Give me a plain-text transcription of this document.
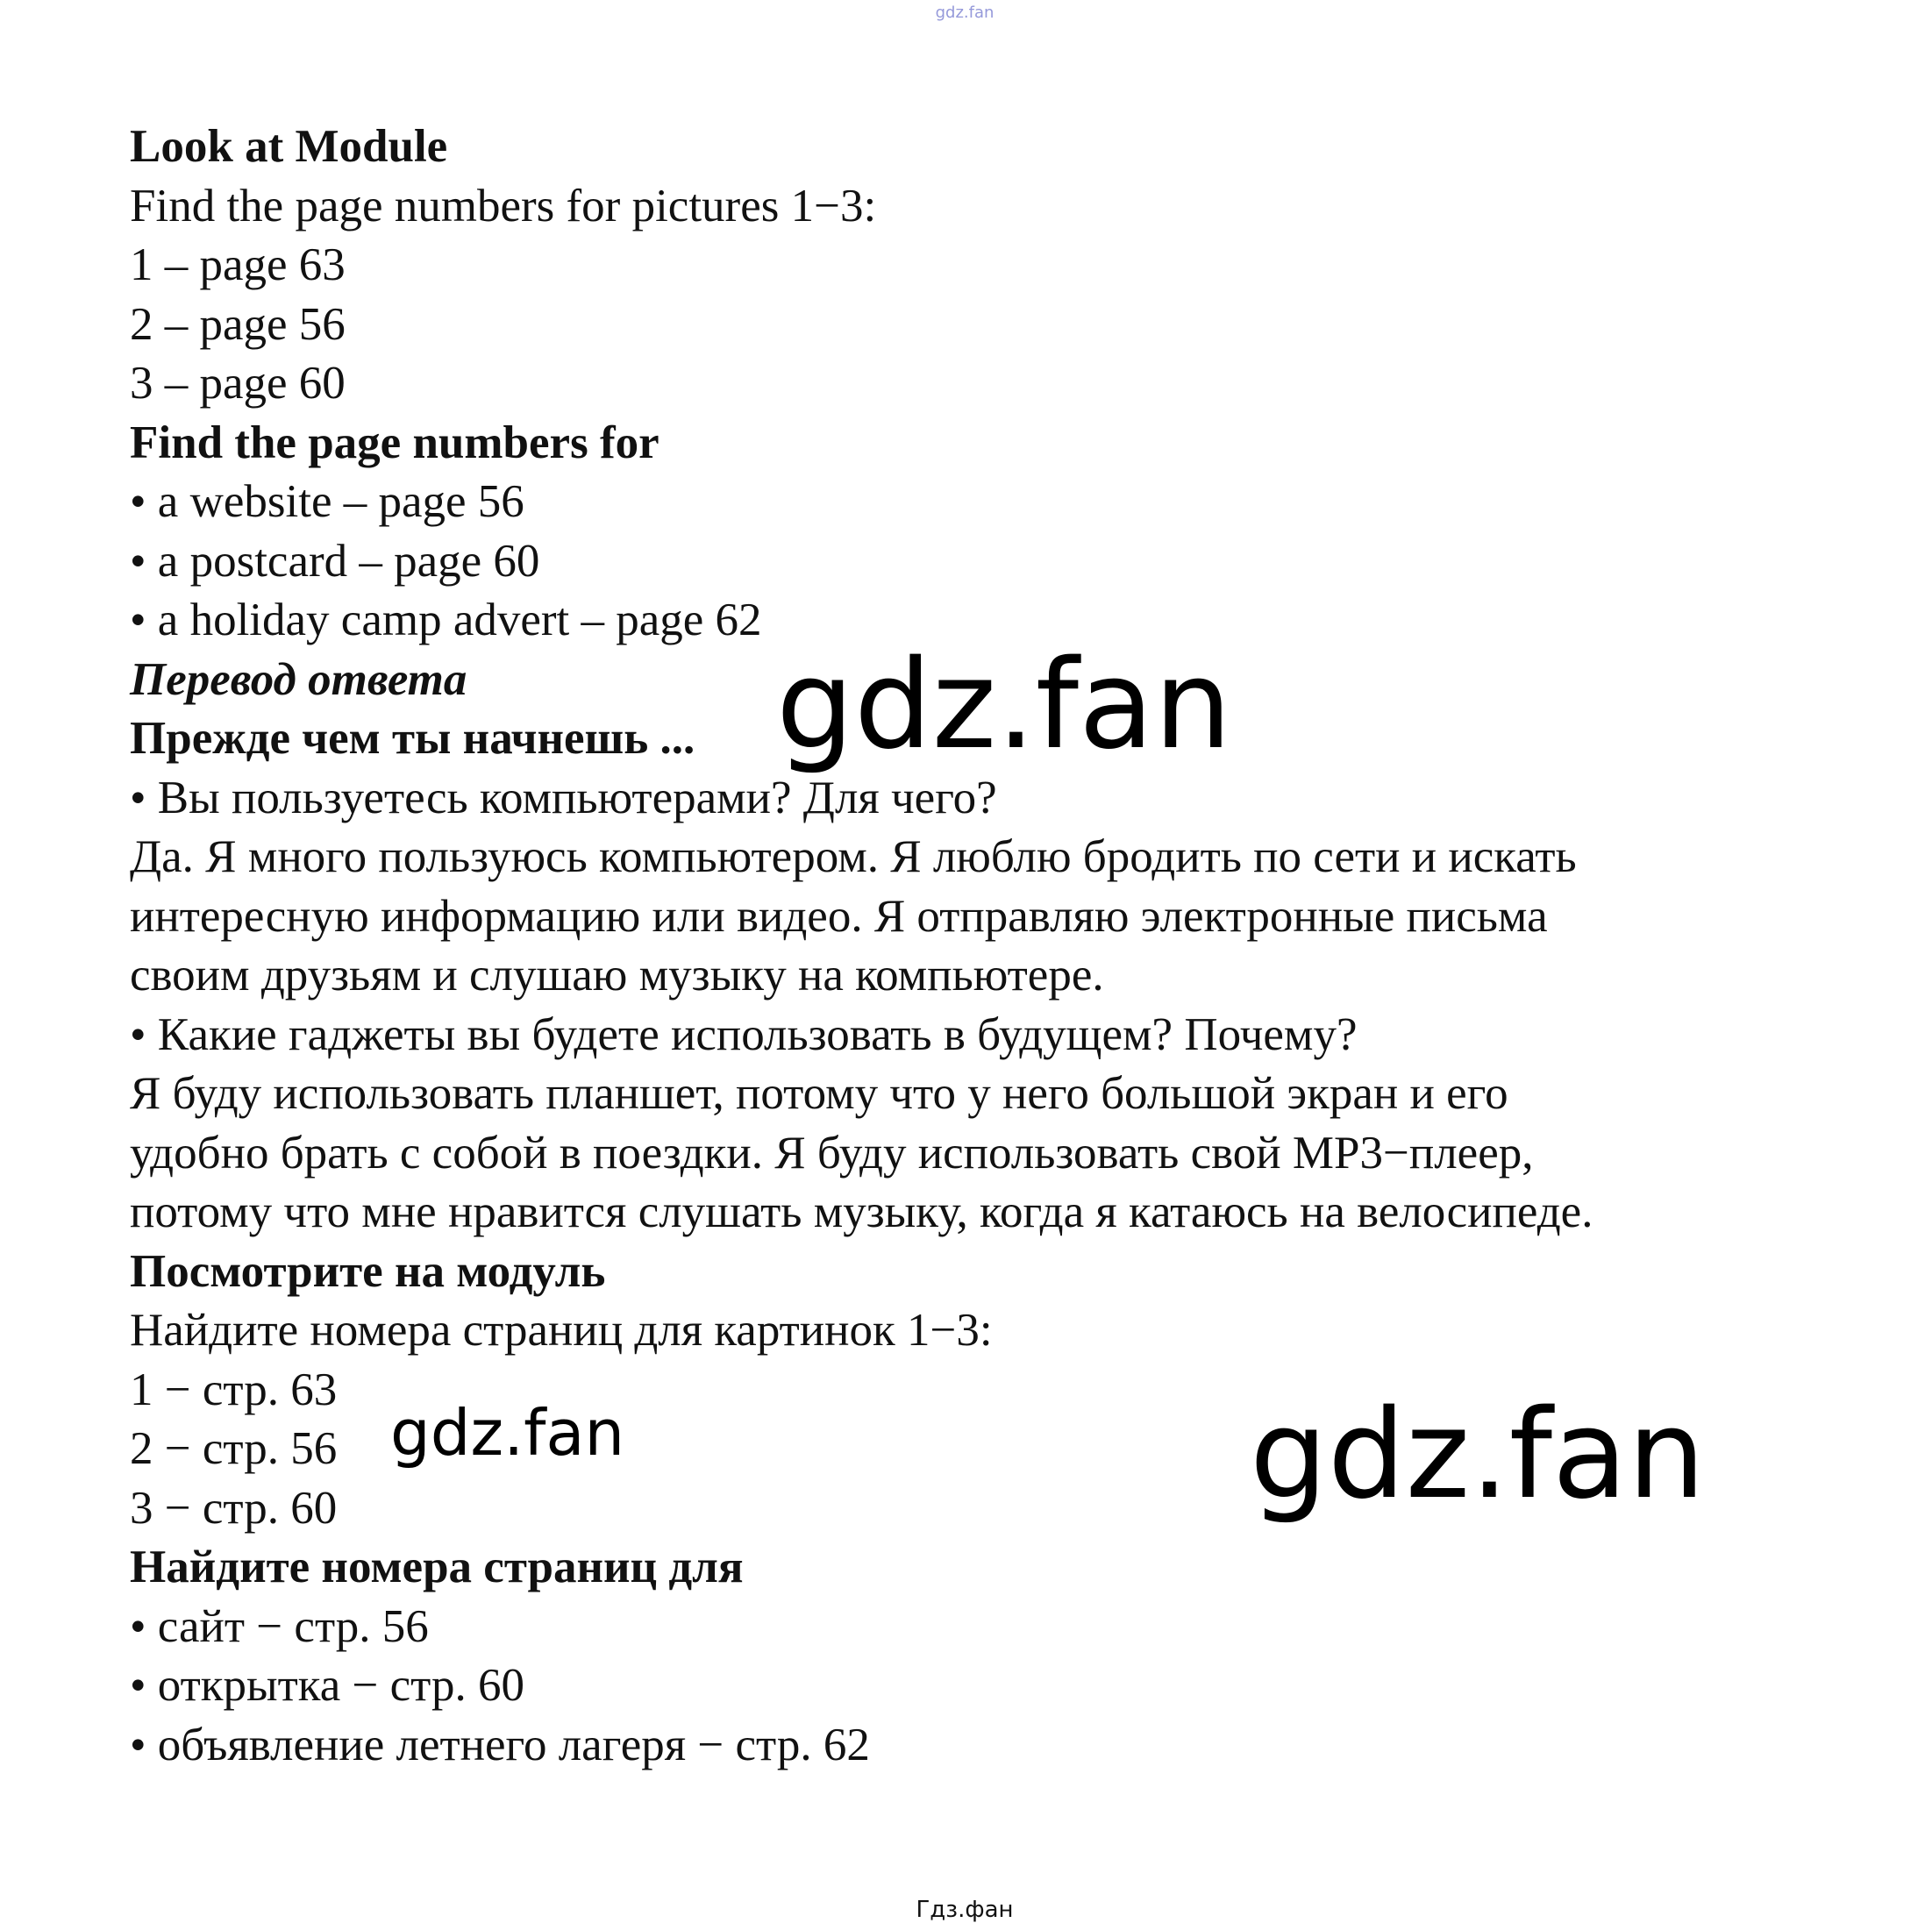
gdz.fan
Look at Module
Find the page numbers for pictures 1−3:
1 – page 63
2 – page 56
3 – page 60
Find the page numbers for
• a website – page 56
• a postcard – page 60
• a holiday camp advert – page 62
Перевод ответа
Прежде чем ты начнешь ...
• Вы пользуетесь компьютерами? Для чего?
Да. Я много пользуюсь компьютером. Я люблю бродить по сети и искать
интересную информацию или видео. Я отправляю электронные письма
своим друзьям и слушаю музыку на компьютере.
• Какие гаджеты вы будете использовать в будущем? Почему?
Я буду использовать планшет, потому что у него большой экран и его
удобно брать с собой в поездки. Я буду использовать свой MP3−плеер,
потому что мне нравится слушать музыку, когда я катаюсь на велосипеде.
Посмотрите на модуль
Найдите номера страниц для картинок 1−3:
1 − стр. 63
2 − стр. 56
3 − стр. 60
Найдите номера страниц для
• сайт − стр. 56
• открытка − стр. 60
• объявление летнего лагеря − стр. 62
gdz.fan
gdz.fan	gdz.fan
Гдз.фан
